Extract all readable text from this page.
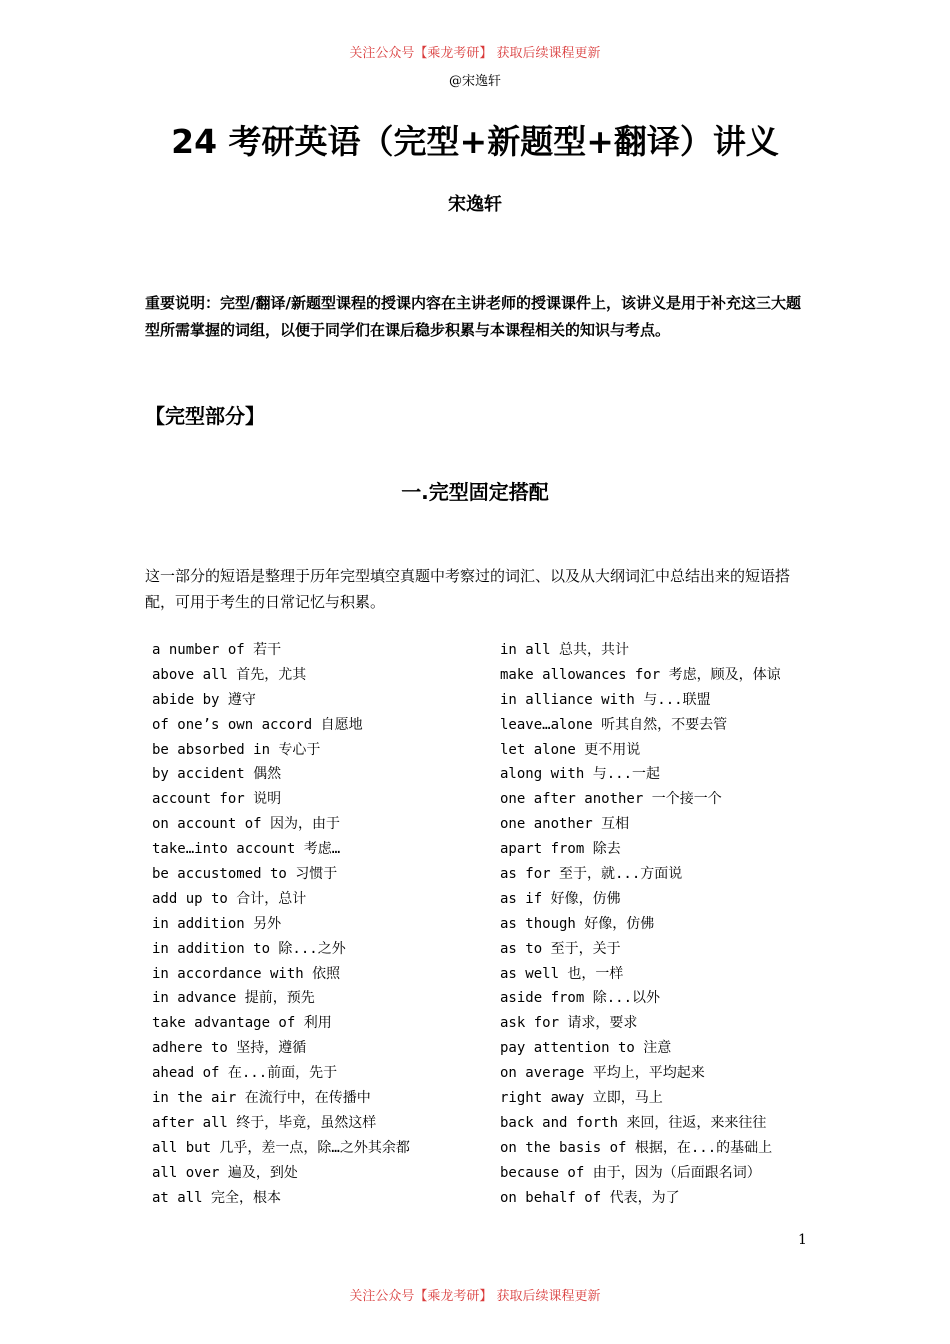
关注公众号【乘龙考研】 获取后续课程更新
@宋逸轩
24 考研英语（完型+新题型+翻译）讲义
宋逸轩
重要说明：完型/翻译/新题型课程的授课内容在主讲老师的授课课件上，该讲义是用于补充这三大题型所需掌握的词组，以便于同学们在课后稳步积累与本课程相关的知识与考点。
【完型部分】
一.完型固定搭配
这一部分的短语是整理于历年完型填空真题中考察过的词汇、以及从大纲词汇中总结出来的短语搭配，可用于考生的日常记忆与积累。
a number of 若干
above all 首先，尤其
abide by 遵守
of one’s own accord 自愿地
be absorbed in 专心于
by accident 偶然
account for 说明
on account of 因为，由于
take…into account 考虑…
be accustomed to 习惯于
add up to 合计，总计
in addition 另外
in addition to 除...之外
in accordance with 依照
in advance 提前，预先
take advantage of 利用
adhere to 坚持，遵循
ahead of 在...前面，先于
in the air 在流行中，在传播中
after all 终于，毕竟，虽然这样
all but 几乎，差一点，除…之外其余都
all over 遍及，到处
at all 完全，根本
in all 总共，共计
make allowances for 考虑，顾及，体谅
in alliance with 与...联盟
leave…alone 听其自然，不要去管
let alone 更不用说
along with 与...一起
one after another 一个接一个
one another 互相
apart from 除去
as for 至于，就...方面说
as if 好像，仿佛
as though 好像，仿佛
as to 至于，关于
as well 也，一样
aside from 除...以外
ask for 请求，要求
pay attention to 注意
on average 平均上，平均起来
right away 立即，马上
back and forth 来回，往返，来来往往
on the basis of 根据，在...的基础上
because of 由于，因为（后面跟名词）
on behalf of 代表，为了
1
关注公众号【乘龙考研】 获取后续课程更新
